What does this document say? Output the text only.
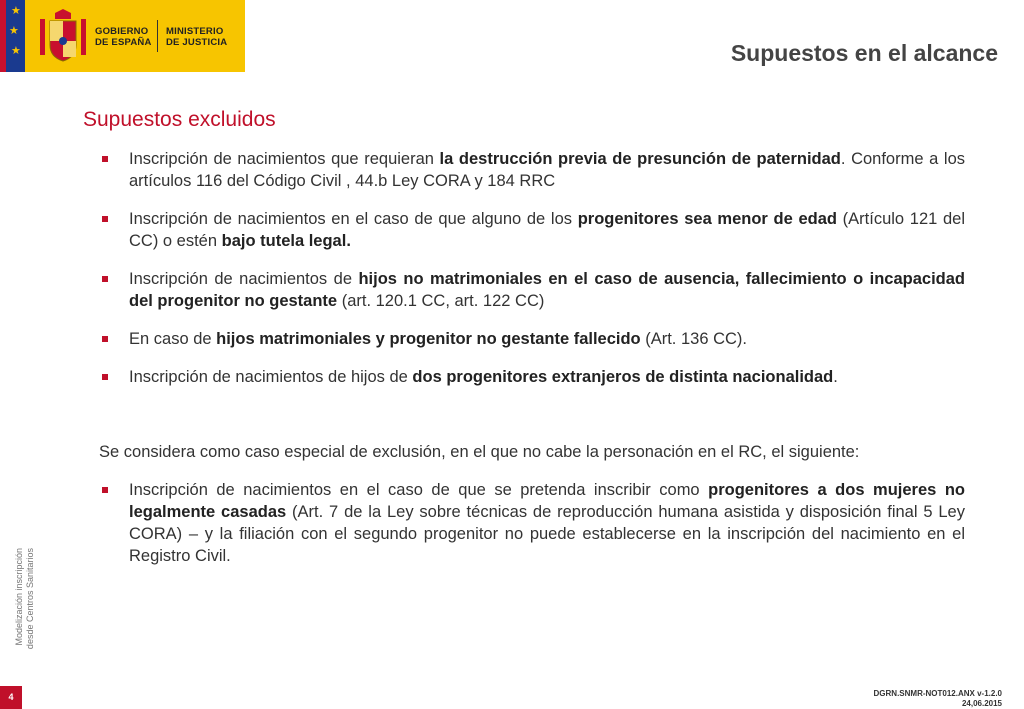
★
★
★
GOBIERNO
DE ESPAÑA
MINISTERIO
DE JUSTICIA	Supuestos en el alcance
Supuestos excluidos
Inscripción de nacimientos que requieran la destrucción previa de presunción de paternidad. Conforme a los artículos 116 del Código Civil , 44.b Ley CORA y 184 RRC
Inscripción de nacimientos en el caso de que alguno de los progenitores sea menor de edad (Artículo 121 del CC) o estén bajo tutela legal.
Inscripción de nacimientos de hijos no matrimoniales en el caso de ausencia, fallecimiento o incapacidad del progenitor no gestante (art. 120.1 CC, art. 122 CC)
En caso de hijos matrimoniales y progenitor no gestante fallecido (Art. 136 CC).
Inscripción de nacimientos de hijos de dos progenitores extranjeros de distinta nacionalidad.
Se considera como caso especial de exclusión, en el que no cabe la personación en el RC, el siguiente:
Inscripción de nacimientos en el caso de que se pretenda inscribir como progenitores a dos mujeres no legalmente casadas (Art. 7 de la Ley sobre técnicas de reproducción humana asistida y disposición final 5 Ley CORA) – y la filiación con el segundo progenitor no puede establecerse en la inscripción del nacimiento en el Registro Civil.
Modelización inscripción desde Centros Sanitarios
4	DGRN.SNMR-NOT012.ANX v-1.2.0
24,06.2015
